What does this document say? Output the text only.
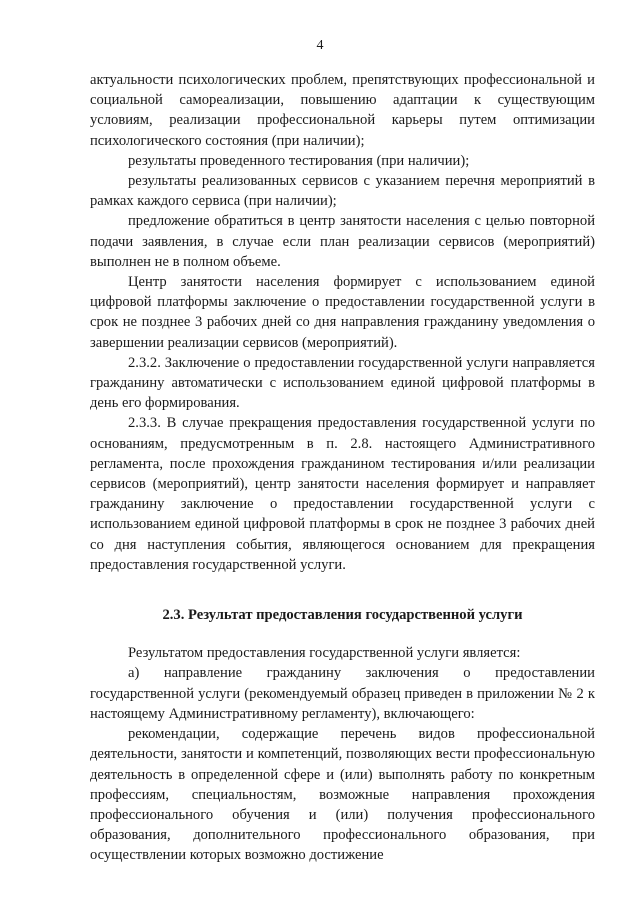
4

актуальности психологических проблем, препятствующих профессиональной и социальной самореализации, повышению адаптации к существующим условиям, реализации профессиональной карьеры путем оптимизации психологического состояния (при наличии);

результаты проведенного тестирования (при наличии);

результаты реализованных сервисов с указанием перечня мероприятий в рамках каждого сервиса (при наличии);

предложение обратиться в центр занятости населения с целью повторной подачи заявления, в случае если план реализации сервисов (мероприятий) выполнен не в полном объеме.

Центр занятости населения формирует с использованием единой цифровой платформы заключение о предоставлении государственной услуги в срок не позднее 3 рабочих дней со дня направления гражданину уведомления о завершении реализации сервисов (мероприятий).

2.3.2. Заключение о предоставлении государственной услуги направляется гражданину автоматически с использованием единой цифровой платформы в день его формирования.

2.3.3. В случае прекращения предоставления государственной услуги по основаниям, предусмотренным в п. 2.8. настоящего Административного регламента, после прохождения гражданином тестирования и/или реализации сервисов (мероприятий), центр занятости населения формирует и направляет гражданину заключение о предоставлении государственной услуги с использованием единой цифровой платформы в срок не позднее 3 рабочих дней со дня наступления события, являющегося основанием для прекращения предоставления государственной услуги.

2.3. Результат предоставления государственной услуги

Результатом предоставления государственной услуги является:

а) направление гражданину заключения о предоставлении государственной услуги (рекомендуемый образец приведен в приложении № 2 к настоящему Административному регламенту), включающего:

рекомендации, содержащие перечень видов профессиональной деятельности, занятости и компетенций, позволяющих вести профессиональную деятельность в определенной сфере и (или) выполнять работу по конкретным профессиям, специальностям, возможные направления прохождения профессионального обучения и (или) получения профессионального образования, дополнительного профессионального образования, при осуществлении которых возможно достижение
